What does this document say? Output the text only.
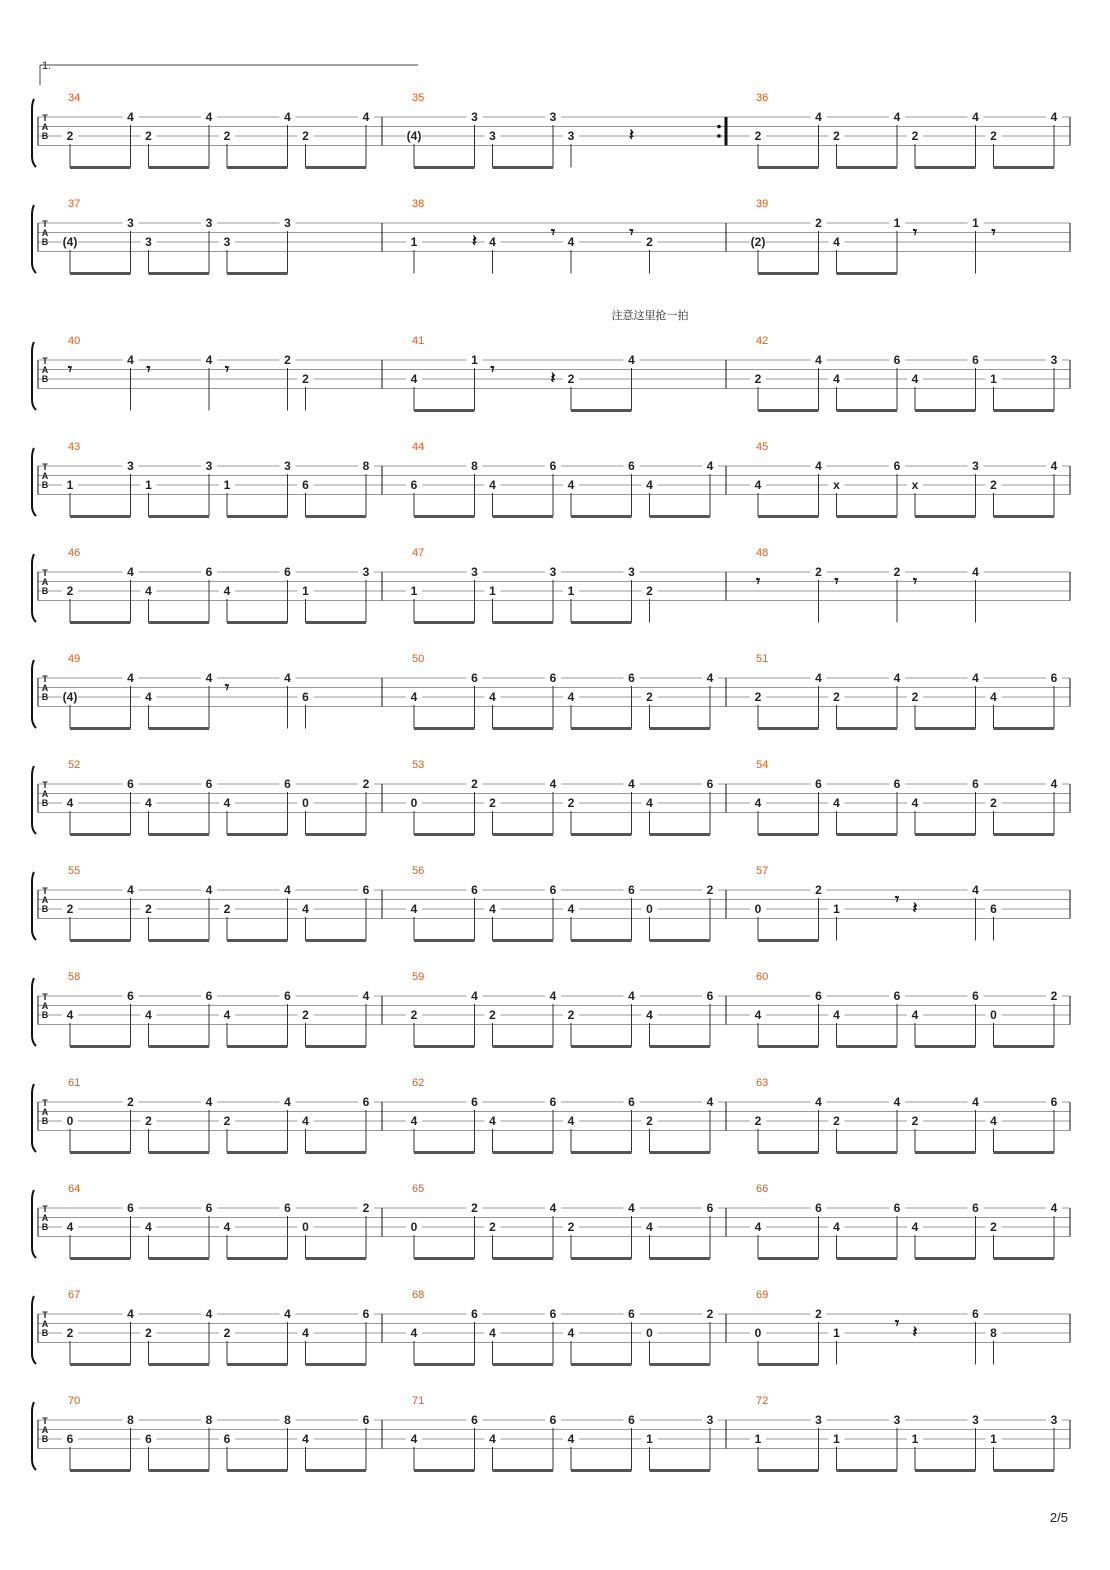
1.
2/5
注意这里抢一拍
T
A
B
34
2
4
2
4
2
4
2
4
35
(4)
3
3
3
3	𝄽
36
2
4
2
4
2
4
2
4
T
A
B
37
(4)
3
3
3
3
3
38
1	𝄽 4
𝄾
4
𝄾
2
39
(2)
2
4
1
𝄾
1
𝄾
T
A
B
40
𝄾
4
𝄾
4
𝄾
2
2
41
4
1
𝄾	𝄽 2
4
42
2
4
4
6
4
6
1
3
T
A
B
43
1
3
1
3
1
3
6
8
44
6
8
4
6
4
6
4
4
45
4
4
x
6
x
3
2
4
T
A
B
46
2
4
4
6
4
6
1
3
47
1
3
1
3
1
3
2
48
𝄾
2
𝄾
2
𝄾
4
T
A
B
49
(4)
4
4
4
𝄾
4
6
50
4
6
4
6
4
6
2
4
51
2
4
2
4
2
4
4
6
T
A
B
52
4
6
4
6
4
6
0
2
53
0
2
2
4
2
4
4
6
54
4
6
4
6
4
6
2
4
T
A
B
55
2
4
2
4
2
4
4
6
56
4
6
4
6
4
6
0
2
57
0
2
1
𝄾 𝄽
4
6
T
A
B
58
4
6
4
6
4
6
2
4
59
2
4
2
4
2
4
4
6
60
4
6
4
6
4
6
0
2
T
A
B
61
0
2
2
4
2
4
4
6
62
4
6
4
6
4
6
2
4
63
2
4
2
4
2
4
4
6
T
A
B
64
4
6
4
6
4
6
0
2
65
0
2
2
4
2
4
4
6
66
4
6
4
6
4
6
2
4
T
A
B
67
2
4
2
4
2
4
4
6
68
4
6
4
6
4
6
0
2
69
0
2
1
𝄾 𝄽
6
8
T
A
B
70
6
8
6
8
6
8
4
6
71
4
6
4
6
4
6
1
3
72
1
3
1
3
1
3
1
3
